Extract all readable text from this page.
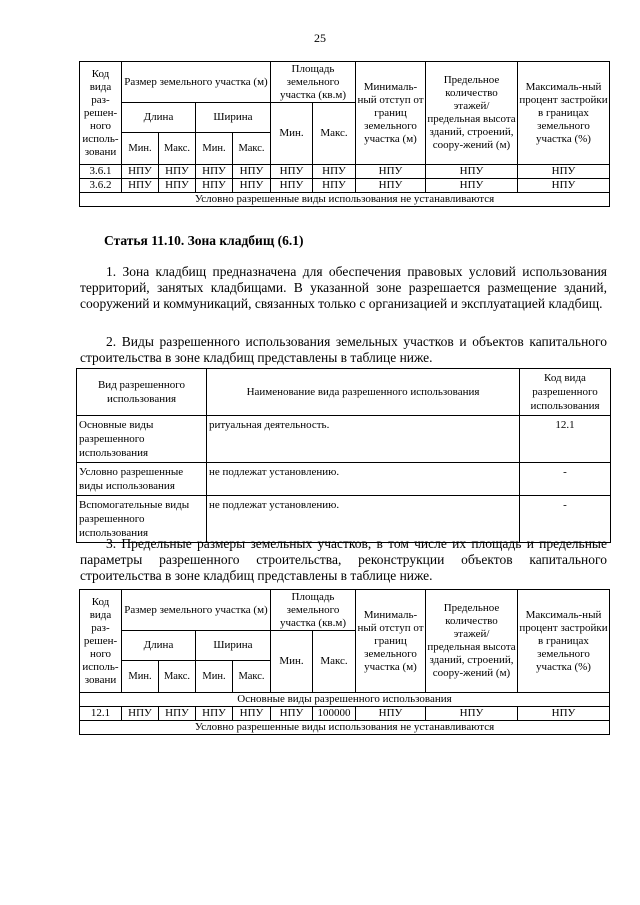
25
Код вида раз-решен-ного исполь-зовани	Размер земельного участка (м)				Площадь земельного участка (кв.м)		Минималь-ный отступ от границ земельного участка (м)	Предельное количество этажей/ предельная высота зданий, строений, соору-жений (м)	Максималь-ный процент застройки в границах земельного участка (%)
	Длина		Ширина		Мин.	Макс.			
	Мин.	Макс.	Мин.	Макс.					
3.6.1	НПУ	НПУ	НПУ	НПУ	НПУ	НПУ	НПУ	НПУ	НПУ
3.6.2	НПУ	НПУ	НПУ	НПУ	НПУ	НПУ	НПУ	НПУ	НПУ
Условно разрешенные виды использования не устанавливаются									
Статья 11.10. Зона кладбищ (6.1)
1. Зона кладбищ предназначена для обеспечения правовых условий использования территорий, занятых кладбищами. В указанной зоне разрешается размещение зданий, сооружений и коммуникаций, связанных только с организацией и эксплуатацией кладбищ.
2. Виды разрешенного использования земельных участков и объектов капитального строительства в зоне кладбищ представлены в таблице ниже.
Вид разрешенного использования	Наименование вида разрешенного использования	Код вида разрешенного использования
Основные виды разрешенного использования	ритуальная деятельность.	12.1
Условно разрешенные виды использования	не подлежат установлению.	-
Вспомогательные виды разрешенного использования	не подлежат установлению.	-
3. Предельные размеры земельных участков, в том числе их площадь и предельные параметры разрешенного строительства, реконструкции объектов капитального строительства в зоне кладбищ представлены в таблице ниже.
Код вида раз-решен-ного исполь-зовани	Размер земельного участка (м)				Площадь земельного участка (кв.м)		Минималь-ный отступ от границ земельного участка (м)	Предельное количество этажей/ предельная высота зданий, строений, соору-жений (м)	Максималь-ный процент застройки в границах земельного участка (%)
	Длина		Ширина		Мин.	Макс.			
	Мин.	Макс.	Мин.	Макс.					
Основные виды разрешенного использования									
12.1	НПУ	НПУ	НПУ	НПУ	НПУ	100000	НПУ	НПУ	НПУ
Условно разрешенные виды использования не устанавливаются									
